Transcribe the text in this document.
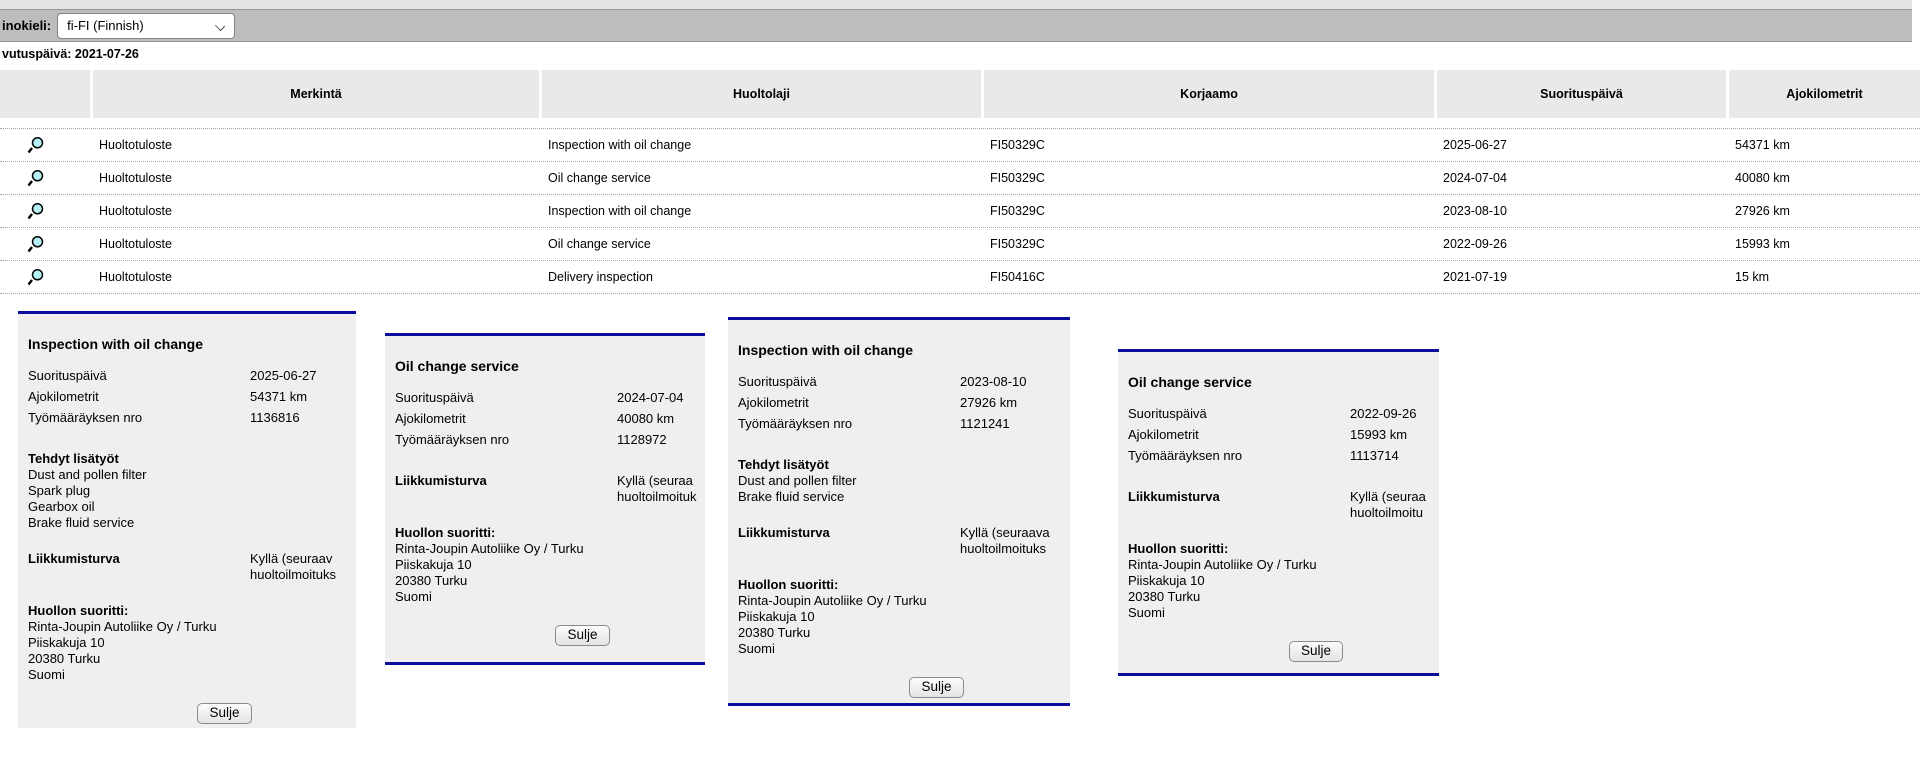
inokieli: fi-FI (Finnish)
vutuspäivä: 2021-07-26
Merkintä	Huoltolaji	Korjaamo	Suorituspäivä	Ajokilometrit
Huoltotuloste	Inspection with oil change	FI50329C	2025-06-27	54371 km
Huoltotuloste	Oil change service	FI50329C	2024-07-04	40080 km
Huoltotuloste	Inspection with oil change	FI50329C	2023-08-10	27926 km
Huoltotuloste	Oil change service	FI50329C	2022-09-26	15993 km
Huoltotuloste	Delivery inspection	FI50416C	2021-07-19	15 km
Inspection with oil change
Suorituspäivä	2025-06-27
Ajokilometrit	54371 km
Työmääräyksen nro	1136816
Tehdyt lisätyöt
Dust and pollen filter
Spark plug
Gearbox oil
Brake fluid service
Liikkumisturva	Kyllä (seuraav
huoltoilmoituks
Huollon suoritti:
Rinta-Joupin Autoliike Oy / Turku
Piiskakuja 10
20380 Turku
Suomi
Sulje
Oil change service
Suorituspäivä	2024-07-04
Ajokilometrit	40080 km
Työmääräyksen nro	1128972
Liikkumisturva	Kyllä (seuraa
huoltoilmoituk
Huollon suoritti:
Rinta-Joupin Autoliike Oy / Turku
Piiskakuja 10
20380 Turku
Suomi
Sulje
Inspection with oil change
Suorituspäivä	2023-08-10
Ajokilometrit	27926 km
Työmääräyksen nro	1121241
Tehdyt lisätyöt
Dust and pollen filter
Brake fluid service
Liikkumisturva	Kyllä (seuraava
huoltoilmoituks
Huollon suoritti:
Rinta-Joupin Autoliike Oy / Turku
Piiskakuja 10
20380 Turku
Suomi
Sulje
Oil change service
Suorituspäivä	2022-09-26
Ajokilometrit	15993 km
Työmääräyksen nro	1113714
Liikkumisturva	Kyllä (seuraa
huoltoilmoitu
Huollon suoritti:
Rinta-Joupin Autoliike Oy / Turku
Piiskakuja 10
20380 Turku
Suomi
Sulje
